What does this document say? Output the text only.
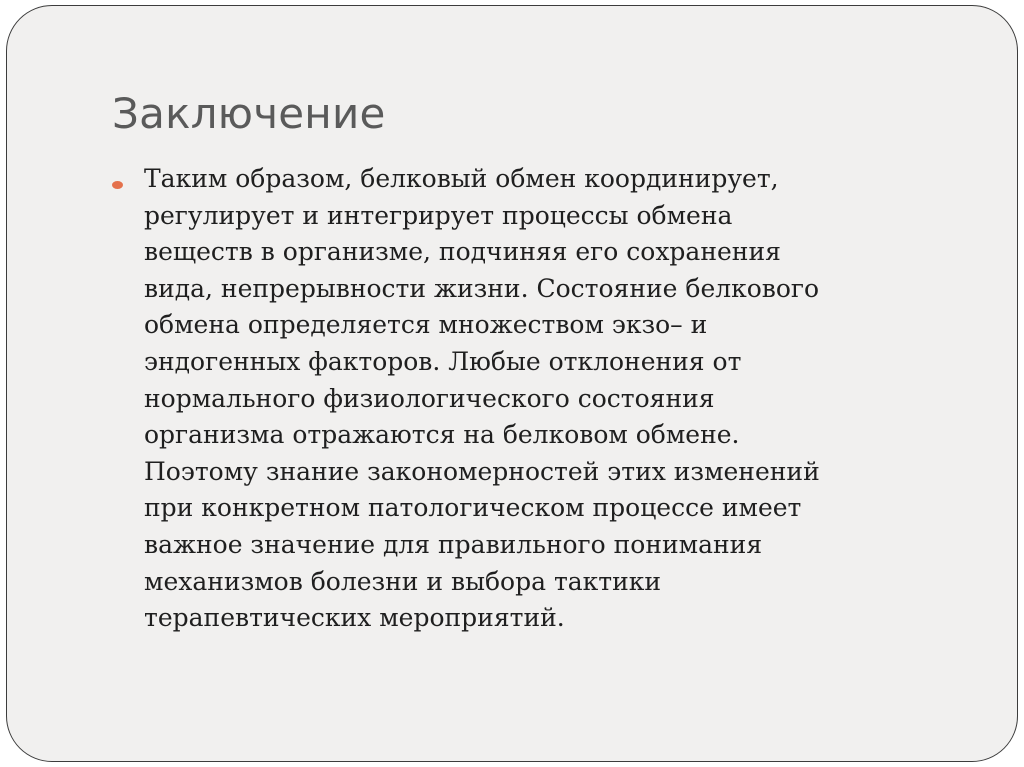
Заключение
Таким образом, белковый обмен координирует,
регулирует и интегрирует процессы обмена
веществ в организме, подчиняя его сохранения
вида, непрерывности жизни. Состояние белкового
обмена определяется множеством экзо– и
эндогенных факторов. Любые отклонения от
нормального физиологического состояния
организма отражаются на белковом обмене.
Поэтому знание закономерностей этих изменений
при конкретном патологическом процессе имеет
важное значение для правильного понимания
механизмов болезни и выбора тактики
терапевтических мероприятий.
